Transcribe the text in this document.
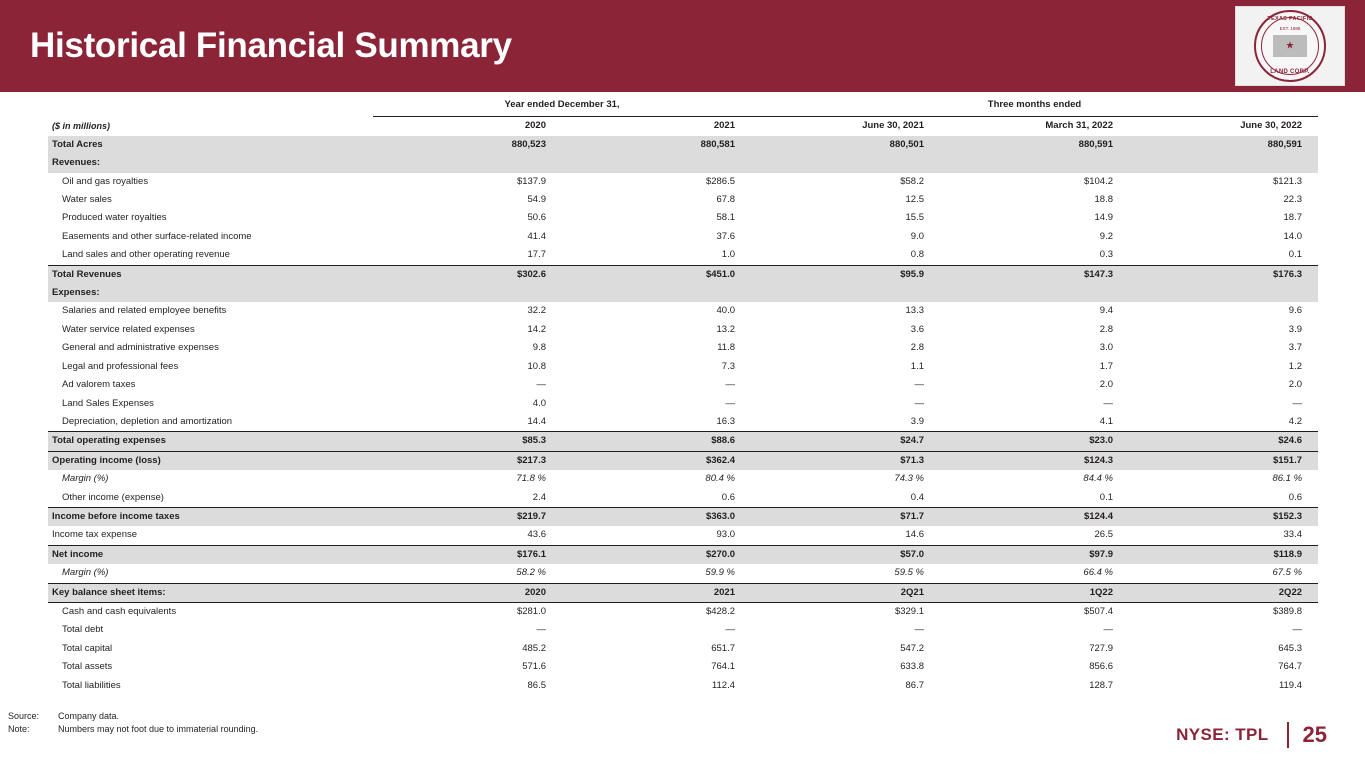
Historical Financial Summary
TEXAS PACIFIC
EST. 1888
★
LAND CORP.
	Year ended December 31,		Three months ended		
($ in millions)	2020	2021	June 30, 2021	March 31, 2022	June 30, 2022
Total Acres	880,523	880,581	880,501	880,591	880,591
Revenues:					
Oil and gas royalties	$137.9	$286.5	$58.2	$104.2	$121.3
Water sales	54.9	67.8	12.5	18.8	22.3
Produced water royalties	50.6	58.1	15.5	14.9	18.7
Easements and other surface-related income	41.4	37.6	9.0	9.2	14.0
Land sales and other operating revenue	17.7	1.0	0.8	0.3	0.1
Total Revenues	$302.6	$451.0	$95.9	$147.3	$176.3
Expenses:					
Salaries and related employee benefits	32.2	40.0	13.3	9.4	9.6
Water service related expenses	14.2	13.2	3.6	2.8	3.9
General and administrative expenses	9.8	11.8	2.8	3.0	3.7
Legal and professional fees	10.8	7.3	1.1	1.7	1.2
Ad valorem taxes	—	—	—	2.0	2.0
Land Sales Expenses	4.0	—	—	—	—
Depreciation, depletion and amortization	14.4	16.3	3.9	4.1	4.2
Total operating expenses	$85.3	$88.6	$24.7	$23.0	$24.6
Operating income (loss)	$217.3	$362.4	$71.3	$124.3	$151.7
Margin (%)	71.8 %	80.4 %	74.3 %	84.4 %	86.1 %
Other income (expense)	2.4	0.6	0.4	0.1	0.6
Income before income taxes	$219.7	$363.0	$71.7	$124.4	$152.3
Income tax expense	43.6	93.0	14.6	26.5	33.4
Net income	$176.1	$270.0	$57.0	$97.9	$118.9
Margin (%)	58.2 %	59.9 %	59.5 %	66.4 %	67.5 %
Key balance sheet items:	2020	2021	2Q21	1Q22	2Q22
Cash and cash equivalents	$281.0	$428.2	$329.1	$507.4	$389.8
Total debt	—	—	—	—	—
Total capital	485.2	651.7	547.2	727.9	645.3
Total assets	571.6	764.1	633.8	856.6	764.7
Total liabilities	86.5	112.4	86.7	128.7	119.4
Source:	Company data.
Note:	Numbers may not foot due to immaterial rounding.	NYSE: TPL 25
